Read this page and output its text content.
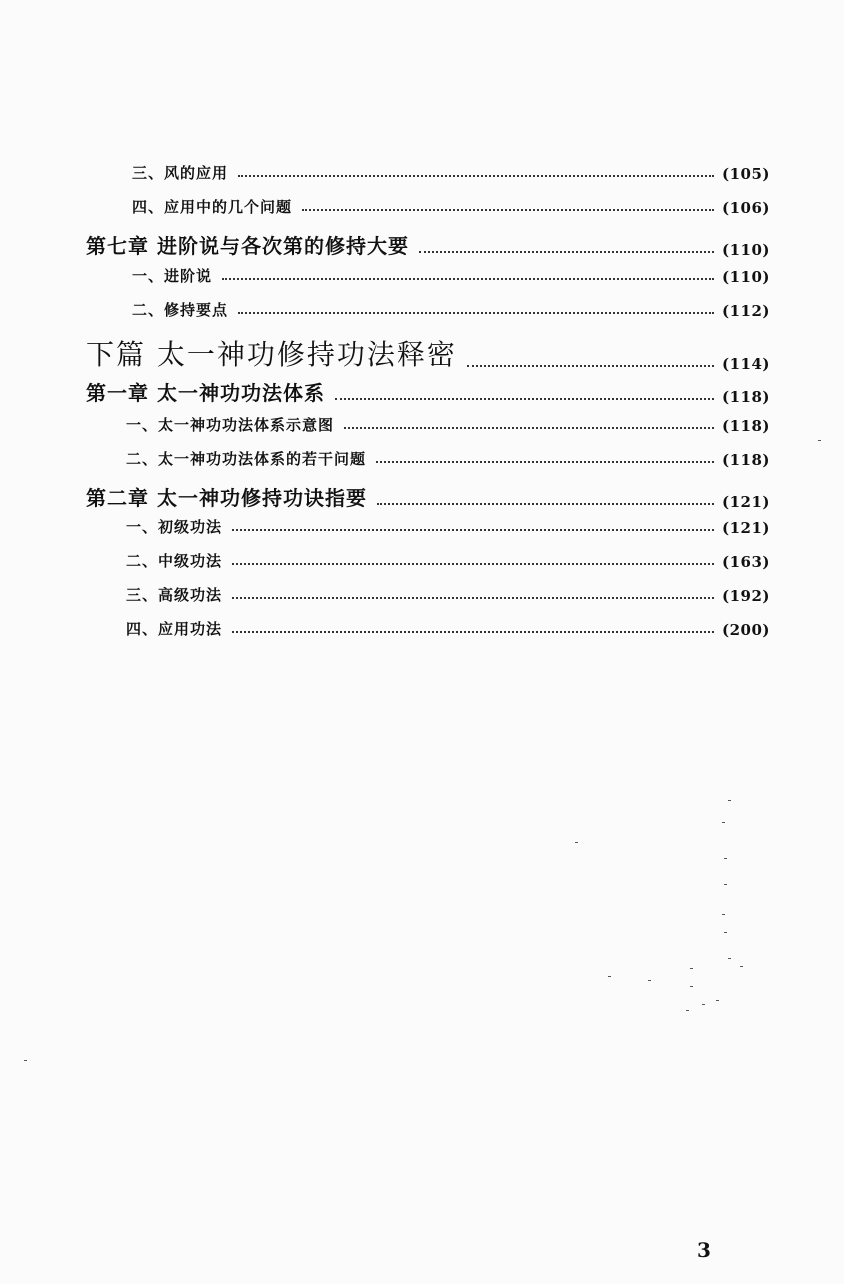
三、风的应用	(105)
四、应用中的几个问题	(106)
第七章 进阶说与各次第的修持大要	(110)
一、进阶说	(110)
二、修持要点	(112)
下篇 太一神功修持功法释密	(114)
第一章 太一神功功法体系	(118)
一、太一神功功法体系示意图	(118)
二、太一神功功法体系的若干问题	(118)
第二章 太一神功修持功诀指要	(121)
一、初级功法	(121)
二、中级功法	(163)
三、高级功法	(192)
四、应用功法	(200)
3
